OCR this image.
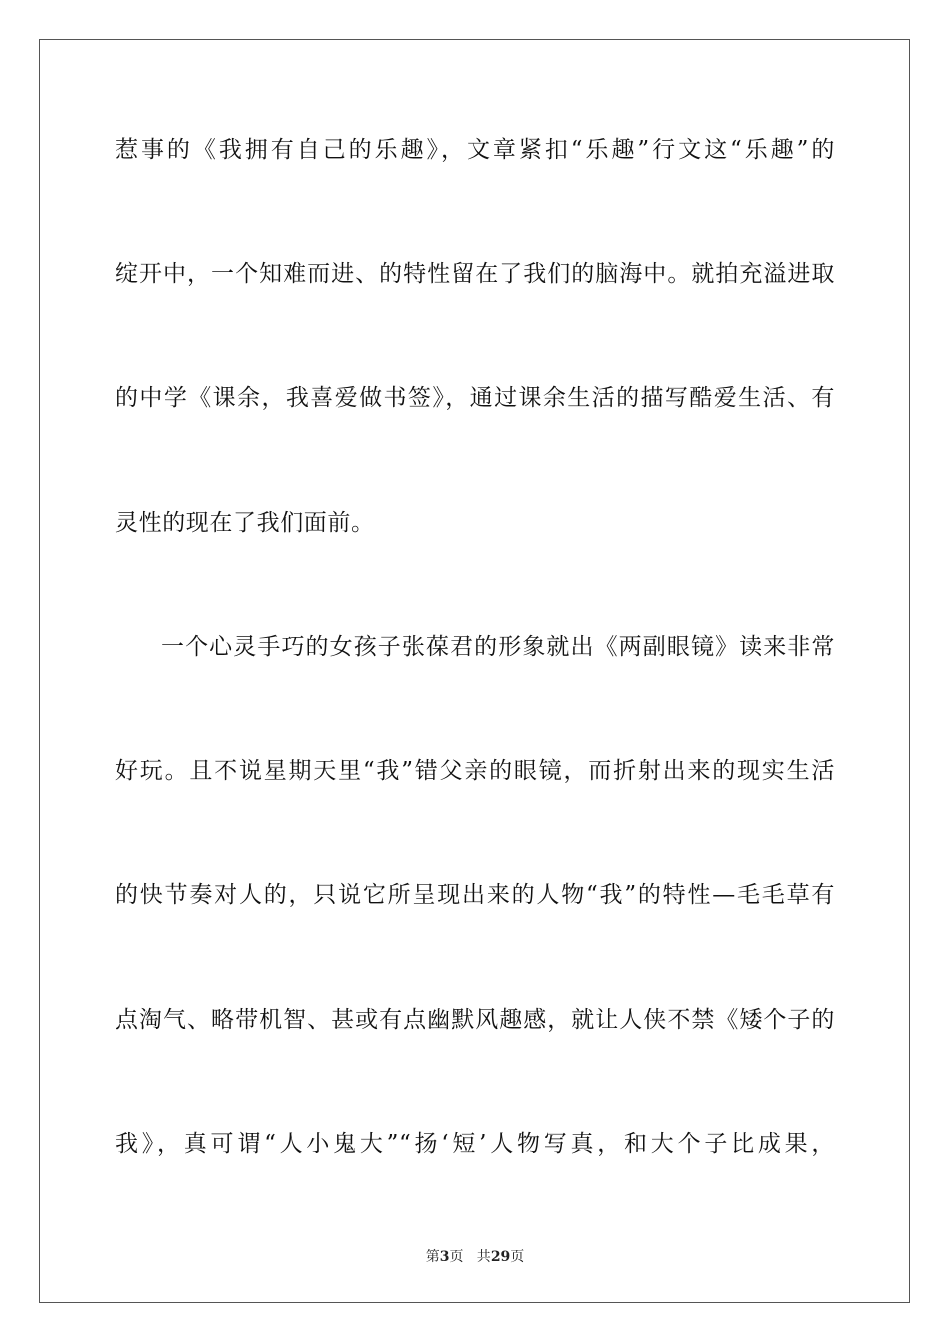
惹事的《我拥有自己的乐趣》，文章紧扣“乐趣”行文这“乐趣”的
绽开中，一个知难而进、的特性留在了我们的脑海中。就拍充溢进取
的中学《课余，我喜爱做书签》，通过课余生活的描写酷爱生活、有
灵性的现在了我们面前。
一个心灵手巧的女孩子张葆君的形象就出《两副眼镜》读来非常
好玩。且不说星期天里“我”错父亲的眼镜，而折射出来的现实生活
的快节奏对人的，只说它所呈现出来的人物“我”的特性—毛毛草有
点淘气、略带机智、甚或有点幽默风趣感，就让人侠不禁《矮个子的
我》，真可谓“人小鬼大”“扬‘短’人物写真，和大个子比成果，
第3页   共29页
